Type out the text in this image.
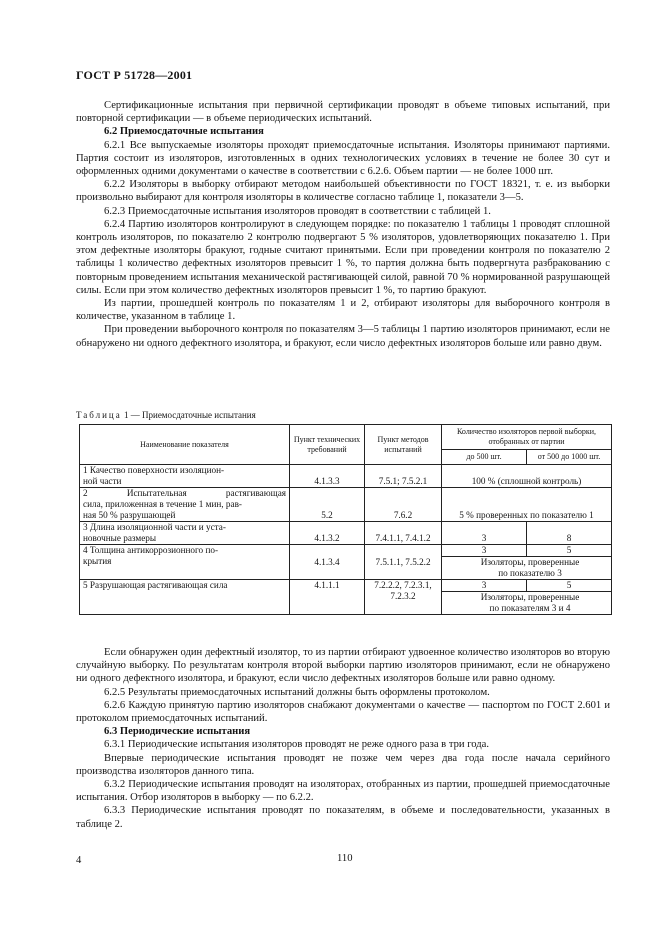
ГОСТ Р 51728—2001

Сертификационные испытания при первичной сертификации проводят в объеме типовых испытаний, при повторной сертификации — в объеме периодических испытаний.

6.2 Приемосдаточные испытания

6.2.1 Все выпускаемые изоляторы проходят приемосдаточные испытания. Изоляторы принимают партиями. Партия состоит из изоляторов, изготовленных в одних технологических условиях в течение не более 30 сут и оформленных одними документами о качестве в соответствии с 6.2.6. Объем партии — не более 1000 шт.

6.2.2 Изоляторы в выборку отбирают методом наибольшей объективности по ГОСТ 18321, т. е. из выборки произвольно выбирают для контроля изоляторы в количестве согласно таблице 1, показатели 3—5.

6.2.3 Приемосдаточные испытания изоляторов проводят в соответствии с таблицей 1.

6.2.4 Партию изоляторов контролируют в следующем порядке: по показателю 1 таблицы 1 проводят сплошной контроль изоляторов, по показателю 2 контролю подвергают 5 % изоляторов, удовлетворяющих показателю 1. При этом дефектные изоляторы бракуют, годные считают принятыми. Если при проведении контроля по показателю 2 таблицы 1 количество дефектных изоляторов превысит 1 %, то партия должна быть подвергнута разбракованию с повторным проведением испытания механической растягивающей силой, равной 70 % нормированной разрушающей силы. Если при этом количество дефектных изоляторов превысит 1 %, то партию бракуют.

Из партии, прошедшей контроль по показателям 1 и 2, отбирают изоляторы для выборочного контроля в количестве, указанном в таблице 1.

При проведении выборочного контроля по показателям 3—5 таблицы 1 партию изоляторов принимают, если не обнаружено ни одного дефектного изолятора, и бракуют, если число дефектных изоляторов больше или равно двум.

Таблица 1 — Приемосдаточные испытания
Наименование показателя	Пункт технических требований	Пункт методов испытаний	Количество изоляторов первой выборки, отобранных от партии	
			до 500 шт.	от 500 до 1000 шт.

1 Качество поверхности изоляцион-
ной части	4.1.3.3	7.5.1; 7.5.2.1	100 % (сплошной контроль)	

2 Испытательная растягивающая
сила, приложенная в течение 1 мин, рав-
ная 50 % разрушающей	5.2	7.6.2	5 % проверенных по показателю 1	

3 Длина изоляционной части и уста-
новочные размеры	4.1.3.2	7.4.1.1, 7.4.1.2	3	8

4 Толщина антикоррозионного по-
крытия	4.1.3.4	7.5.1.1, 7.5.2.2	3	5

			Изоляторы, проверенные
по показателю 3	

5 Разрушающая растягивающая сила	4.1.1.1	7.2.2.2, 7.2.3.1,
7.2.3.2	3	5

			Изоляторы, проверенные
по показателям 3 и 4	

Если обнаружен один дефектный изолятор, то из партии отбирают удвоенное количество изоляторов во вторую случайную выборку. По результатам контроля второй выборки партию изоляторов принимают, если не обнаружено ни одного дефектного изолятора, и бракуют, если число дефектных изоляторов больше или равно одному.

6.2.5 Результаты приемосдаточных испытаний должны быть оформлены протоколом.

6.2.6 Каждую принятую партию изоляторов снабжают документами о качестве — паспортом по ГОСТ 2.601 и протоколом приемосдаточных испытаний.

6.3 Периодические испытания

6.3.1 Периодические испытания изоляторов проводят не реже одного раза в три года.

Впервые периодические испытания проводят не позже чем через два года после начала серийного производства изоляторов данного типа.

6.3.2 Периодические испытания проводят на изоляторах, отобранных из партии, прошедшей приемосдаточные испытания. Отбор изоляторов в выборку — по 6.2.2.

6.3.3 Периодические испытания проводят по показателям, в объеме и последовательности, указанных в таблице 2.

4	110
